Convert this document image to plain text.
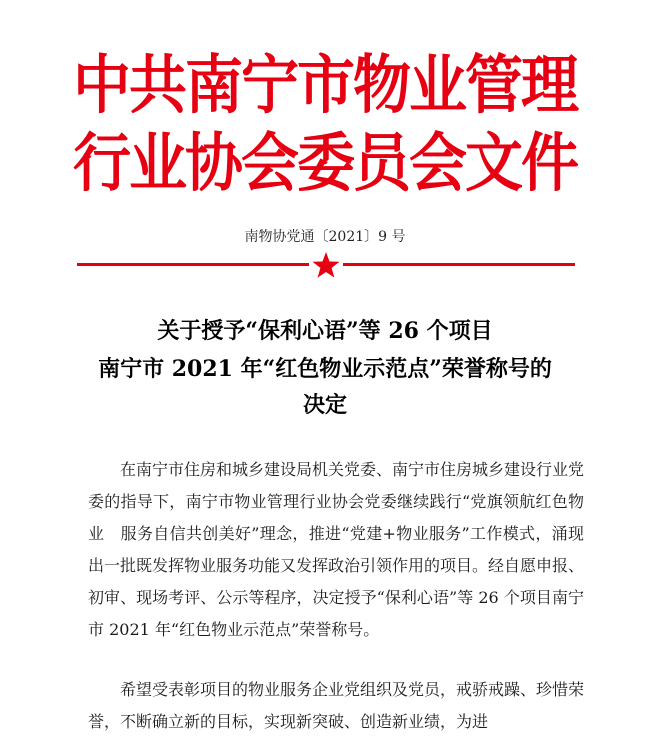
中共南宁市物业管理
行业协会委员会文件
南物协党通〔2021〕9 号
关于授予“保利心语”等 26 个项目
南宁市 2021 年“红色物业示范点”荣誉称号的
决定

在南宁市住房和城乡建设局机关党委、南宁市住房城乡建设行业党委的指导下，南宁市物业管理行业协会党委继续践行“党旗领航红色物业　服务自信共创美好”理念，推进“党建+物业服务”工作模式，涌现出一批既发挥物业服务功能又发挥政治引领作用的项目。经自愿申报、初审、现场考评、公示等程序，决定授予“保利心语”等 26 个项目南宁市 2021 年“红色物业示范点”荣誉称号。

希望受表彰项目的物业服务企业党组织及党员，戒骄戒躁、珍惜荣誉，不断确立新的目标，实现新突破、创造新业绩，为进
